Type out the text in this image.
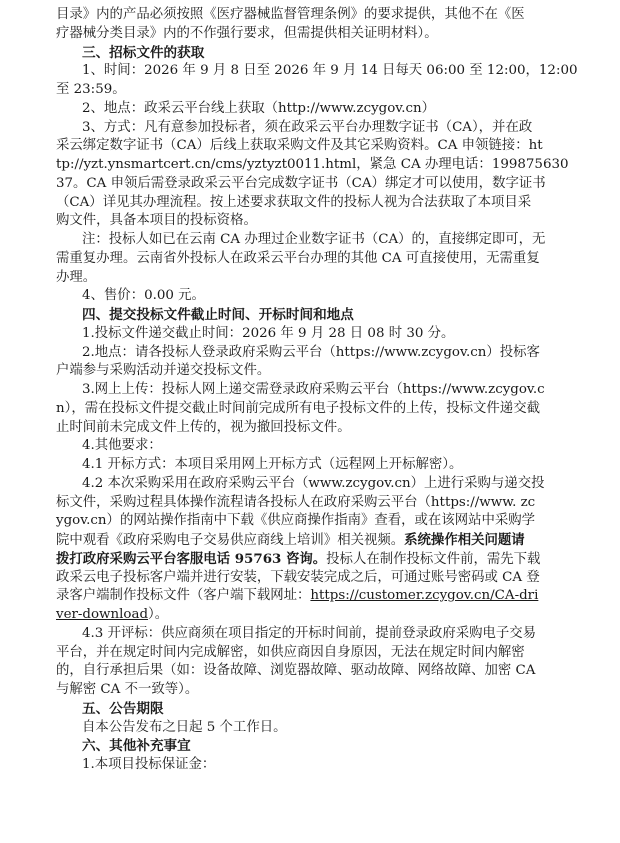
目录》内的产品必须按照《医疗器械监督管理条例》的要求提供，其他不在《医
疗器械分类目录》内的不作强行要求，但需提供相关证明材料）。
三、招标文件的获取
1、时间：2026 年 9 月 8 日至 2026 年 9 月 14 日每天 06:00 至 12:00，12:00
至 23:59。
2、地点：政采云平台线上获取（http://www.zcygov.cn）
3、方式：凡有意参加投标者，须在政采云平台办理数字证书（CA），并在政
采云绑定数字证书（CA）后线上获取采购文件及其它采购资料。CA 申领链接：ht
tp://yzt.ynsmartcert.cn/cms/yztyzt0011.html，紧急 CA 办理电话：199875630
37。CA 申领后需登录政采云平台完成数字证书（CA）绑定才可以使用，数字证书
（CA）详见其办理流程。按上述要求获取文件的投标人视为合法获取了本项目采
购文件，具备本项目的投标资格。
注：投标人如已在云南 CA 办理过企业数字证书（CA）的，直接绑定即可，无
需重复办理。云南省外投标人在政采云平台办理的其他 CA 可直接使用，无需重复
办理。
4、售价：0.00 元。
四、提交投标文件截止时间、开标时间和地点
1.投标文件递交截止时间：2026 年 9 月 28 日 08 时 30 分。
2.地点：请各投标人登录政府采购云平台（https://www.zcygov.cn）投标客
户端参与采购活动并递交投标文件。
3.网上上传：投标人网上递交需登录政府采购云平台（https://www.zcygov.c
n），需在投标文件提交截止时间前完成所有电子投标文件的上传，投标文件递交截
止时间前未完成文件上传的，视为撤回投标文件。
4.其他要求：
4.1 开标方式：本项目采用网上开标方式（远程网上开标解密）。
4.2 本次采购采用在政府采购云平台（www.zcygov.cn）上进行采购与递交投
标文件，采购过程具体操作流程请各投标人在政府采购云平台（https://www. zc
ygov.cn）的网站操作指南中下载《供应商操作指南》查看，或在该网站中采购学
院中观看《政府采购电子交易供应商线上培训》相关视频。系统操作相关问题请
拨打政府采购云平台客服电话 95763 咨询。投标人在制作投标文件前，需先下载
政采云电子投标客户端并进行安装，下载安装完成之后，可通过账号密码或 CA 登
录客户端制作投标文件（客户端下载网址：https://customer.zcygov.cn/CA-dri
ver-download）。
4.3 开评标：供应商须在项目指定的开标时间前，提前登录政府采购电子交易
平台，并在规定时间内完成解密，如供应商因自身原因，无法在规定时间内解密
的，自行承担后果（如：设备故障、浏览器故障、驱动故障、网络故障、加密 CA
与解密 CA 不一致等）。
五、公告期限
自本公告发布之日起 5 个工作日。
六、其他补充事宜
1.本项目投标保证金：
